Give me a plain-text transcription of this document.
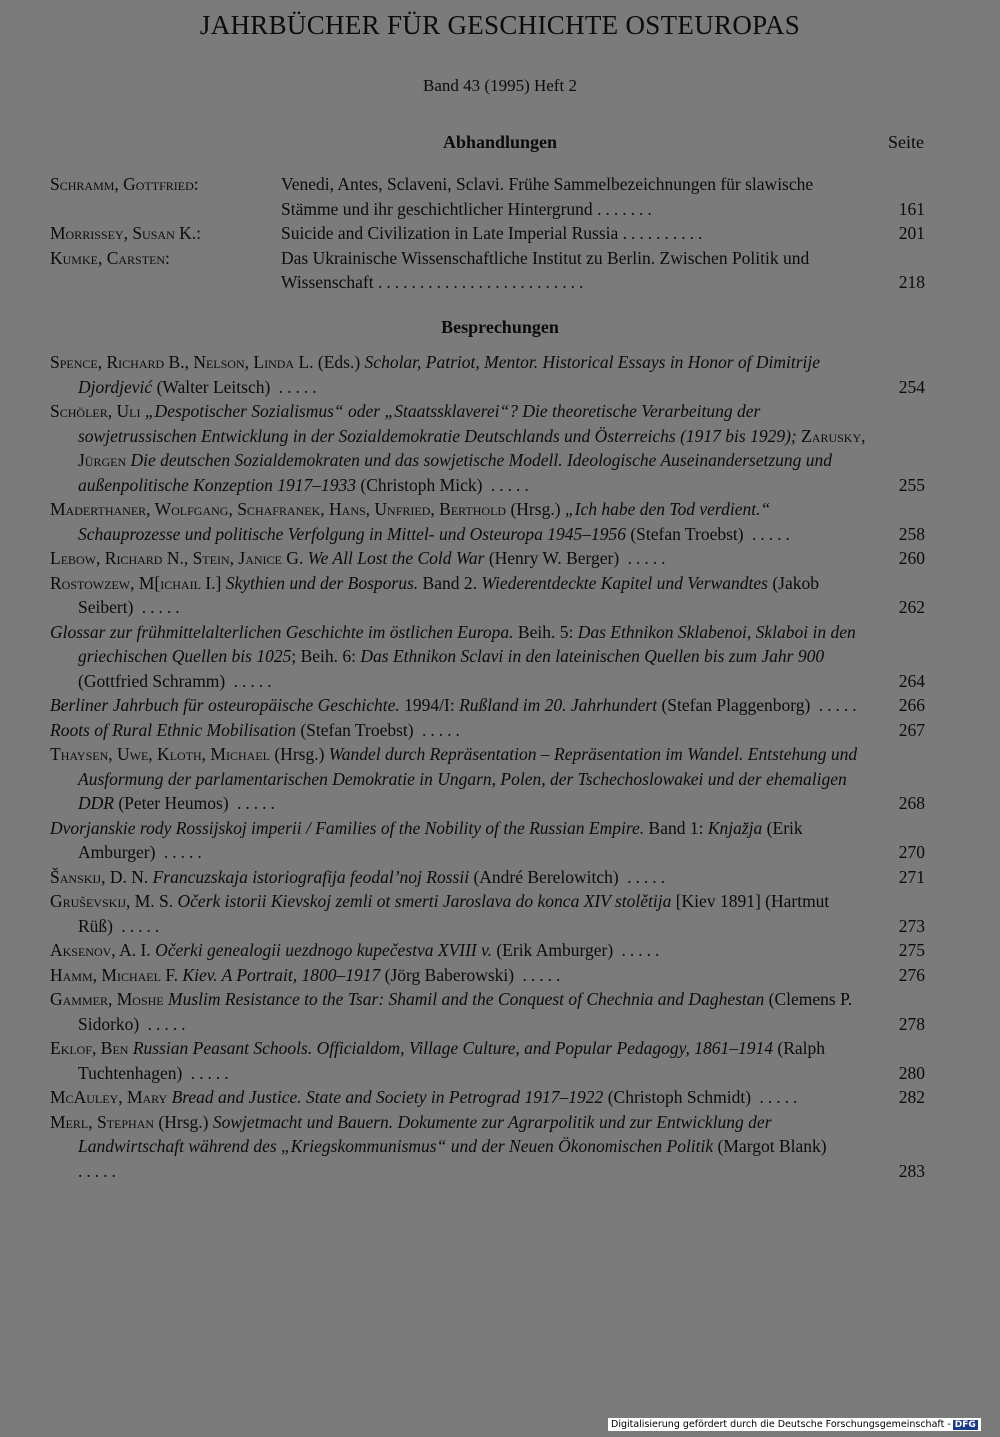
JAHRBÜCHER FÜR GESCHICHTE OSTEUROPAS
Band 43 (1995) Heft 2
Abhandlungen	Seite
Schramm, Gottfried:	Venedi, Antes, Sclaveni, Sclavi. Frühe Sammelbezeichnungen für slawische Stämme und ihr geschichtlicher Hintergrund .......	161
Morrissey, Susan K.:	Suicide and Civilization in Late Imperial Russia ..........	201
Kumke, Carsten:	Das Ukrainische Wissenschaftliche Institut zu Berlin. Zwischen Politik und Wissenschaft .........................	218
Besprechungen
Spence, Richard B., Nelson, Linda L. (Eds.) Scholar, Patriot, Mentor. Historical Essays in Honor of Dimitrije Djordjević (Walter Leitsch) .....	254
Schöler, Uli „Despotischer Sozialismus“ oder „Staatssklaverei“? Die theoretische Verarbeitung der sowjetrussischen Entwicklung in der Sozialdemokratie Deutschlands und Österreichs (1917 bis 1929); Zarusky, Jürgen Die deutschen Sozialdemokraten und das sowjetische Modell. Ideologische Auseinandersetzung und außenpolitische Konzeption 1917–1933 (Christoph Mick) .....	255
Maderthaner, Wolfgang, Schafranek, Hans, Unfried, Berthold (Hrsg.) „Ich habe den Tod verdient.“ Schauprozesse und politische Verfolgung in Mittel- und Osteuropa 1945–1956 (Stefan Troebst) .....	258
Lebow, Richard N., Stein, Janice G. We All Lost the Cold War (Henry W. Berger) .....	260
Rostowzew, M[ichail I.] Skythien und der Bosporus. Band 2. Wiederentdeckte Kapitel und Verwandtes (Jakob Seibert) .....	262
Glossar zur frühmittelalterlichen Geschichte im östlichen Europa. Beih. 5: Das Ethnikon Sklabenoi, Sklaboi in den griechischen Quellen bis 1025; Beih. 6: Das Ethnikon Sclavi in den lateinischen Quellen bis zum Jahr 900 (Gottfried Schramm) .....	264
Berliner Jahrbuch für osteuropäische Geschichte. 1994/I: Rußland im 20. Jahrhundert (Stefan Plaggenborg) .....	266
Roots of Rural Ethnic Mobilisation (Stefan Troebst) .....	267
Thaysen, Uwe, Kloth, Michael (Hrsg.) Wandel durch Repräsentation – Repräsentation im Wandel. Entstehung und Ausformung der parlamentarischen Demokratie in Ungarn, Polen, der Tschechoslowakei und der ehemaligen DDR (Peter Heumos) .....	268
Dvorjanskie rody Rossijskoj imperii / Families of the Nobility of the Russian Empire. Band 1: Knjaz̆ja (Erik Amburger) .....	270
Šanskij, D. N. Francuzskaja istoriografija feodal’noj Rossii (André Berelowitch) .....	271
Grus̆evskij, M. S. Očerk istorii Kievskoj zemli ot smerti Jaroslava do konca XIV stolětija [Kiev 1891] (Hartmut Rüß) .....	273
Aksenov, A. I. Očerki genealogii uezdnogo kupečestva XVIII v. (Erik Amburger) .....	275
Hamm, Michael F. Kiev. A Portrait, 1800–1917 (Jörg Baberowski) .....	276
Gammer, Moshe Muslim Resistance to the Tsar: Shamil and the Conquest of Chechnia and Daghestan (Clemens P. Sidorko) .....	278
Eklof, Ben Russian Peasant Schools. Officialdom, Village Culture, and Popular Pedagogy, 1861–1914 (Ralph Tuchtenhagen) .....	280
McAuley, Mary Bread and Justice. State and Society in Petrograd 1917–1922 (Christoph Schmidt) .....	282
Merl, Stephan (Hrsg.) Sowjetmacht und Bauern. Dokumente zur Agrarpolitik und zur Entwicklung der Landwirtschaft während des „Kriegskommunismus“ und der Neuen Ökonomischen Politik (Margot Blank) .....	283
Digitalisierung gefördert durch die Deutsche Forschungsgemeinschaft - DFG
